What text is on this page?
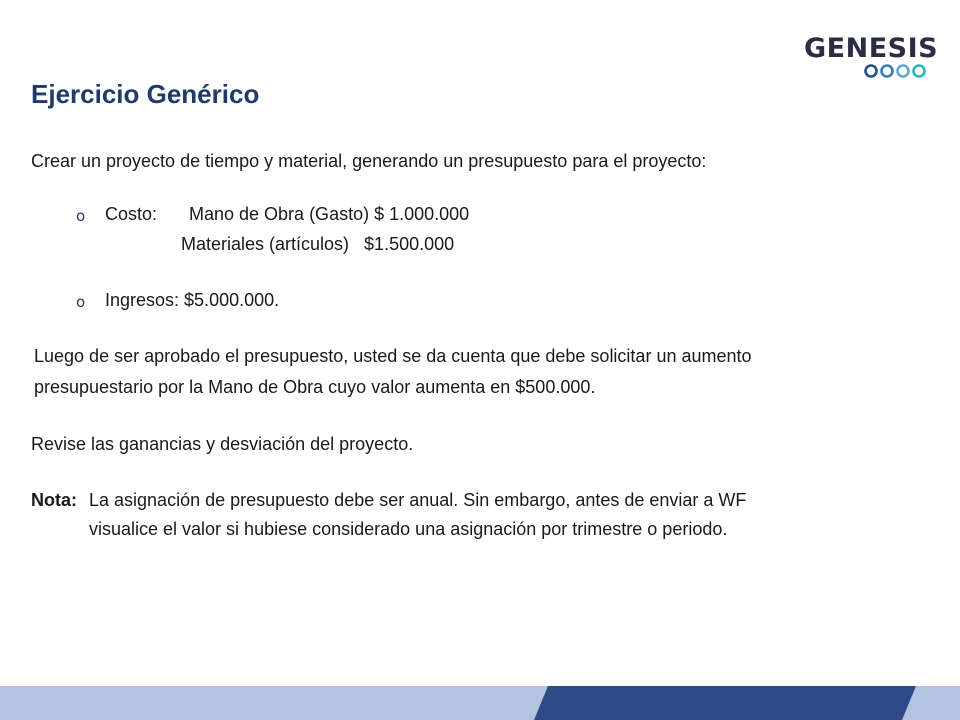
GENESIS
Ejercicio Genérico

Crear un proyecto de tiempo y material, generando un presupuesto para el proyecto:

o Costo: Mano de Obra (Gasto) $ 1.000.000
Materiales (artículos)   $1.500.000
o Ingresos: $5.000.000.

Luego de ser aprobado el presupuesto, usted se da cuenta que debe solicitar un aumento

presupuestario por la Mano de Obra cuyo valor aumenta en $500.000.

Revise las ganancias y desviación del proyecto.

Nota: La asignación de presupuesto debe ser anual. Sin embargo, antes de enviar a WF
visualice el valor si hubiese considerado una asignación por trimestre o periodo.
